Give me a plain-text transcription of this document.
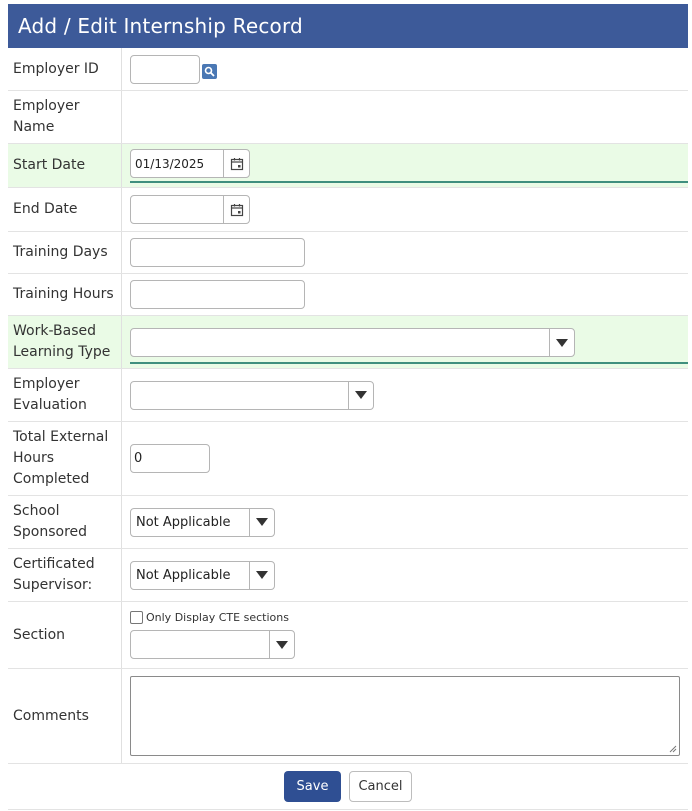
Add / Edit Internship Record
Employer ID
Employer Name
Start Date	01/13/2025
End Date
Training Days
Training Hours
Work-Based Learning Type
Employer Evaluation
Total External Hours Completed
0
School Sponsored
Not Applicable
Certificated Supervisor:
Not Applicable
Section
Only Display CTE sections
Comments
Save	Cancel
